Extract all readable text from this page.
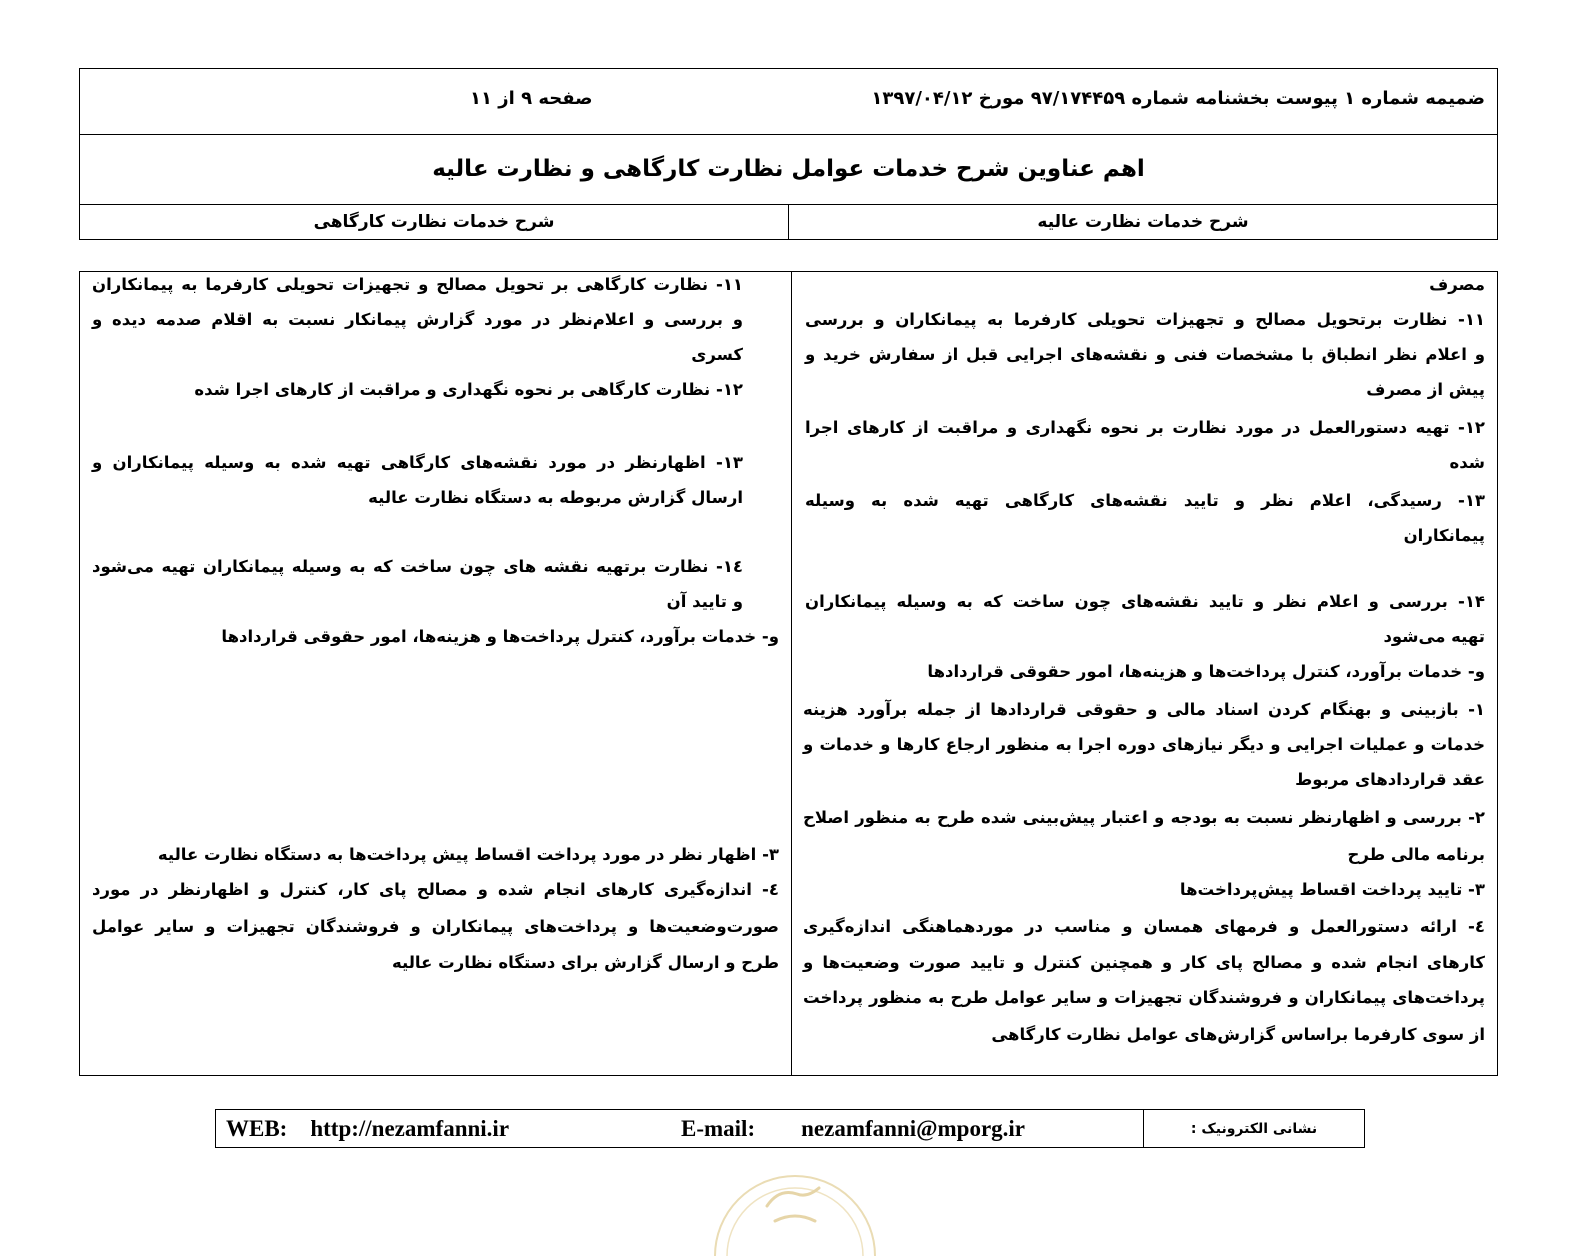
ضمیمه شماره ۱ پیوست بخشنامه شماره ۹۷/۱۷۴۴۵۹ مورخ ۱۳۹۷/۰۴/۱۲
صفحه ۹ از ۱۱
اهم عناوین شرح خدمات عوامل نظارت کارگاهی و نظارت عالیه
شرح خدمات نظارت عالیه
شرح خدمات نظارت کارگاهی
مصرف
۱۱- نظارت برتحویل مصالح و تجهیزات تحویلی کارفرما به پیمانکاران و بررسی
و اعلام نظر انطباق با مشخصات فنی و نقشه‌های اجرایی قبل از سفارش خرید و
پیش از مصرف
۱۲- تهیه دستورالعمل در مورد نظارت بر نحوه نگهداری و مراقبت از کارهای اجرا
شده
۱۳- رسیدگی، اعلام نظر و تایید نقشه‌های کارگاهی تهیه شده به وسیله
پیمانکاران
۱۴- بررسی و اعلام نظر و تایید نقشه‌های چون ساخت که به وسیله پیمانکاران
تهیه می‌شود
و- خدمات برآورد، کنترل پرداخت‌ها و هزینه‌ها، امور حقوقی قراردادها
۱- بازبینی و بهنگام کردن اسناد مالی و حقوقی قراردادها از جمله برآورد هزینه
خدمات و عملیات اجرایی و دیگر نیازهای دوره اجرا به منظور ارجاع کارها و خدمات و
عقد قراردادهای مربوط
۲- بررسی و اظهارنظر نسبت به بودجه و اعتبار پیش‌بینی شده طرح به منظور اصلاح
برنامه مالی طرح
۳- تایید پرداخت اقساط پیش‌پرداخت‌ها
٤- ارائه دستورالعمل و فرمهای همسان و مناسب در موردهماهنگی اندازه‌گیری
کارهای انجام شده و مصالح پای کار و همچنین کنترل و تایید صورت وضعیت‌ها و
پرداخت‌های پیمانکاران و فروشندگان تجهیزات و سایر عوامل طرح به منظور پرداخت
از سوی کارفرما براساس گزارش‌های عوامل نظارت کارگاهی
۱۱- نظارت کارگاهی بر تحویل مصالح و تجهیزات تحویلی کارفرما به پیمانکاران
و بررسی و اعلام‌نظر در مورد گزارش پیمانکار نسبت به اقلام صدمه دیده و
کسری
۱۲- نظارت کارگاهی بر نحوه نگهداری و مراقبت از کارهای اجرا شده
۱۳- اظهارنظر در مورد نقشه‌های کارگاهی تهیه شده به وسیله پیمانکاران و
ارسال گزارش مربوطه به دستگاه نظارت عالیه
۱٤- نظارت برتهیه نقشه های چون ساخت که به وسیله پیمانکاران تهیه می‌شود
و تایید آن
و- خدمات برآورد، کنترل پرداخت‌ها و هزینه‌ها، امور حقوقی قراردادها
۳- اظهار نظر در مورد پرداخت اقساط پیش پرداخت‌ها به دستگاه نظارت عالیه
٤- اندازه‌گیری کارهای انجام شده و مصالح پای کار، کنترل و اظهارنظر در مورد
صورت‌وضعیت‌ها و پرداخت‌های پیمانکاران و فروشندگان تجهیزات و سایر عوامل
طرح و ارسال گزارش برای دستگاه نظارت عالیه
نشانی الکترونیک :
WEB: http://nezamfanni.ir	E-mail: nezamfanni@mporg.ir
